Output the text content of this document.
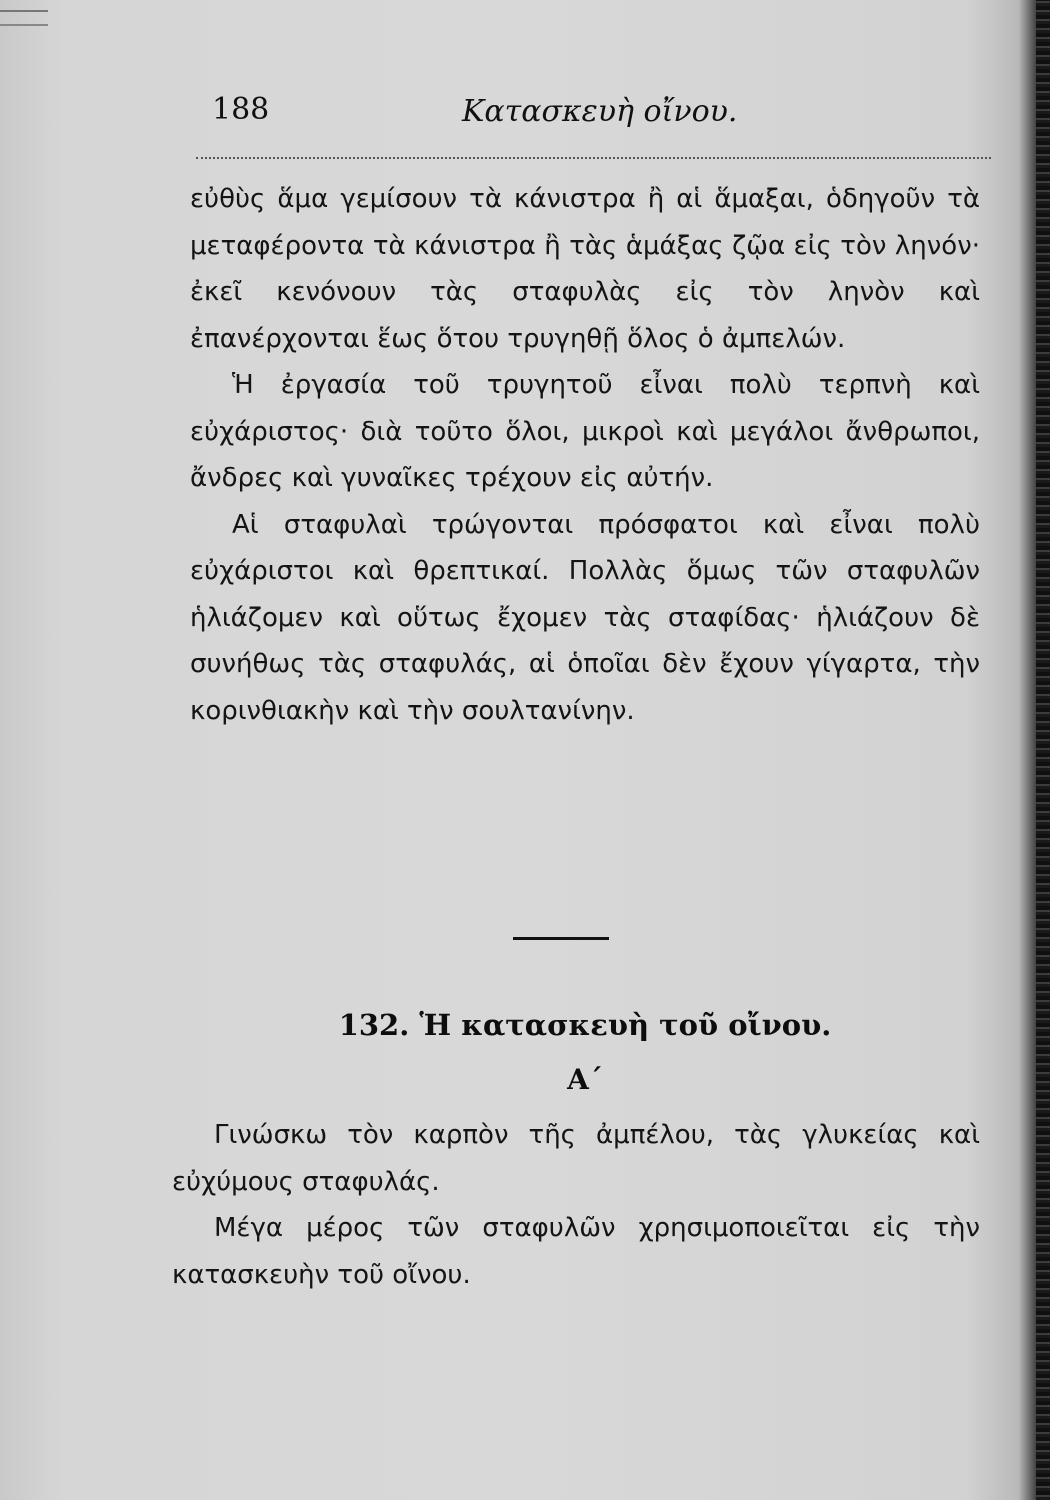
188	Κατασκευὴ οἴνου.

εὐθὺς ἅμα γεμίσουν τὰ κάνιστρα ἢ αἱ ἅμαξαι, ὁδηγοῦν τὰ μεταφέροντα τὰ κάνιστρα ἢ τὰς ἁμάξας ζῷα εἰς τὸν ληνόν· ἐκεῖ κενόνουν τὰς σταφυλὰς εἰς τὸν ληνὸν καὶ ἐπανέρχονται ἕως ὅτου τρυγηθῇ ὅλος ὁ ἀμπελών.

Ἡ ἐργασία τοῦ τρυγητοῦ εἶναι πολὺ τερπνὴ καὶ εὐχάριστος· διὰ τοῦτο ὅλοι, μικροὶ καὶ μεγάλοι ἄνθρωποι, ἄνδρες καὶ γυναῖκες τρέχουν εἰς αὐτήν.

Αἱ σταφυλαὶ τρώγονται πρόσφατοι καὶ εἶναι πολὺ εὐχάριστοι καὶ θρεπτικαί. Πολλὰς ὅμως τῶν σταφυλῶν ἡλιάζομεν καὶ οὕτως ἔχομεν τὰς σταφίδας· ἡλιάζουν δὲ συνήθως τὰς σταφυλάς, αἱ ὁποῖαι δὲν ἔχουν γίγαρτα, τὴν κορινθιακὴν καὶ τὴν σουλτανίνην.

132. Ἡ κατασκευὴ τοῦ οἴνου.
Α΄

Γινώσκω τὸν καρπὸν τῆς ἀμπέλου, τὰς γλυκείας καὶ εὐχύμους σταφυλάς.

Μέγα μέρος τῶν σταφυλῶν χρησιμοποιεῖται εἰς τὴν κατασκευὴν τοῦ οἴνου.
